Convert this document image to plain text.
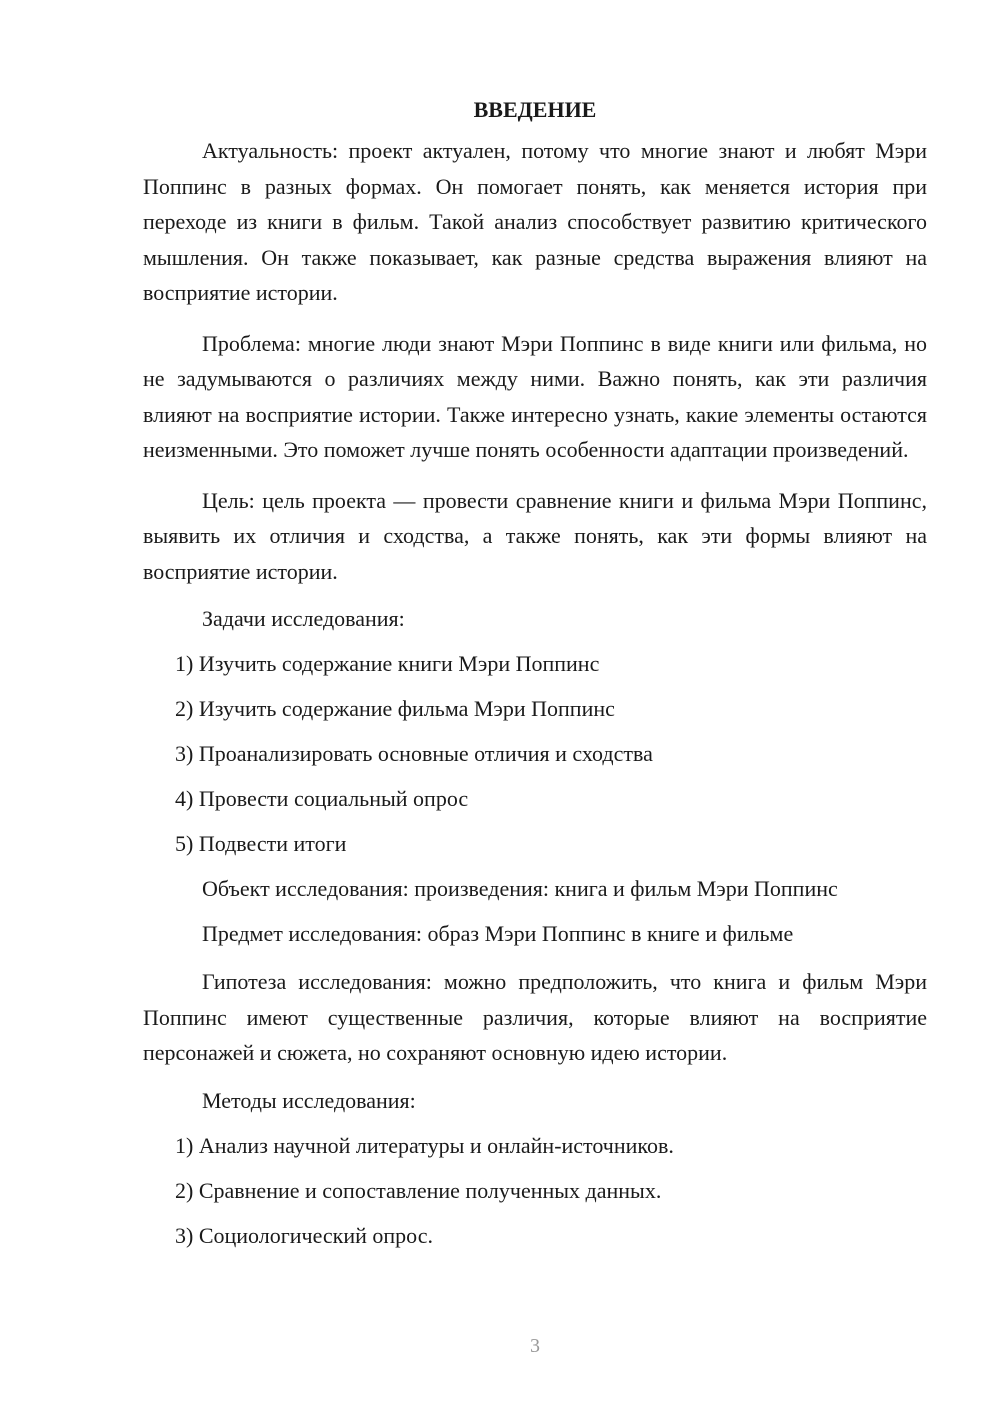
ВВЕДЕНИЕ

Актуальность: проект актуален, потому что многие знают и любят Мэри Поппинс в разных формах. Он помогает понять, как меняется история при переходе из книги в фильм. Такой анализ способствует развитию критического мышления. Он также показывает, как разные средства выражения влияют на восприятие истории.

Проблема: многие люди знают Мэри Поппинс в виде книги или фильма, но не задумываются о различиях между ними. Важно понять, как эти различия влияют на восприятие истории. Также интересно узнать, какие элементы остаются неизменными. Это поможет лучше понять особенности адаптации произведений.

Цель: цель проекта — провести сравнение книги и фильма Мэри Поппинс, выявить их отличия и сходства, а также понять, как эти формы влияют на восприятие истории.

Задачи исследования:
1) Изучить содержание книги Мэри Поппинс
2) Изучить содержание фильма Мэри Поппинс
3) Проанализировать основные отличия и сходства
4) Провести социальный опрос
5) Подвести итоги
Объект исследования: произведения: книга и фильм Мэри Поппинс
Предмет исследования: образ Мэри Поппинс в книге и фильме

Гипотеза исследования: можно предположить, что книга и фильм Мэри Поппинс имеют существенные различия, которые влияют на восприятие персонажей и сюжета, но сохраняют основную идею истории.

Методы исследования:
1) Анализ научной литературы и онлайн-источников.
2) Сравнение и сопоставление полученных данных.
3) Социологический опрос.
3
